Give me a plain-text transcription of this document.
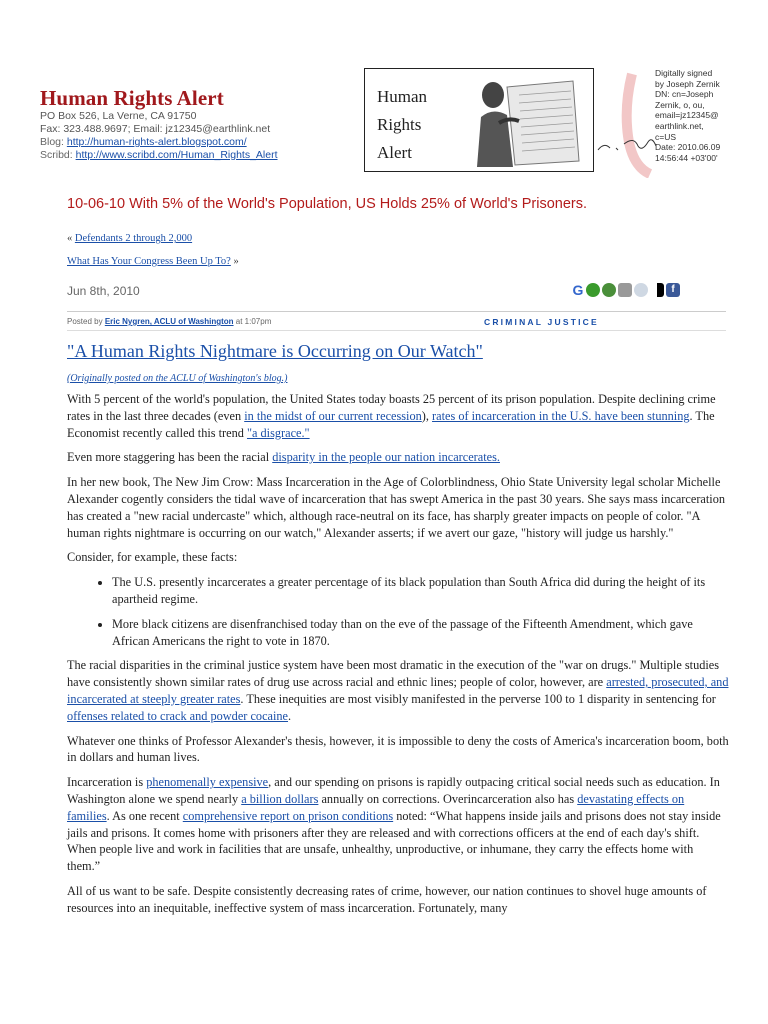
Human Rights Alert
PO Box 526, La Verne, CA 91750
Fax: 323.488.9697; Email: jz12345@earthlink.net
Blog: http://human-rights-alert.blogspot.com/
Scribd: http://www.scribd.com/Human_Rights_Alert
Human
Rights
Alert
Digitally signed
by Joseph Zernik
DN: cn=Joseph
Zernik, o, ou,
email=jz12345@
earthlink.net,
c=US
Date: 2010.06.09
14:56:44 +03'00'
10-06-10 With 5% of the World's Population, US Holds 25% of World's Prisoners.
« Defendants 2 through 2,000
What Has Your Congress Been Up To? »
Jun 8th, 2010	G	f
Posted by Eric Nygren, ACLU of Washington at 1:07pm	CRIMINAL JUSTICE
"A Human Rights Nightmare is Occurring on Our Watch"
(Originally posted on the ACLU of Washington's blog.)

With 5 percent of the world's population, the United States today boasts 25 percent of its prison population. Despite declining crime rates in the last three decades (even in the midst of our current recession), rates of incarceration in the U.S. have been stunning. The Economist recently called this trend "a disgrace."

Even more staggering has been the racial disparity in the people our nation incarcerates.

In her new book, The New Jim Crow: Mass Incarceration in the Age of Colorblindness, Ohio State University legal scholar Michelle Alexander cogently considers the tidal wave of incarceration that has swept America in the past 30 years. She says mass incarceration has created a "new racial undercaste" which, although race-neutral on its face, has sharply greater impacts on people of color. "A human rights nightmare is occurring on our watch," Alexander asserts; if we avert our gaze, "history will judge us harshly."

Consider, for example, these facts:

• The U.S. presently incarcerates a greater percentage of its black population than South Africa did during the height of its apartheid regime.
• More black citizens are disenfranchised today than on the eve of the passage of the Fifteenth Amendment, which gave African Americans the right to vote in 1870.

The racial disparities in the criminal justice system have been most dramatic in the execution of the "war on drugs." Multiple studies have consistently shown similar rates of drug use across racial and ethnic lines; people of color, however, are arrested, prosecuted, and incarcerated at steeply greater rates. These inequities are most visibly manifested in the perverse 100 to 1 disparity in sentencing for offenses related to crack and powder cocaine.

Whatever one thinks of Professor Alexander's thesis, however, it is impossible to deny the costs of America's incarceration boom, both in dollars and human lives.

Incarceration is phenomenally expensive, and our spending on prisons is rapidly outpacing critical social needs such as education. In Washington alone we spend nearly a billion dollars annually on corrections. Overincarceration also has devastating effects on families. As one recent comprehensive report on prison conditions noted: “What happens inside jails and prisons does not stay inside jails and prisons. It comes home with prisoners after they are released and with corrections officers at the end of each day's shift. When people live and work in facilities that are unsafe, unhealthy, unproductive, or inhumane, they carry the effects home with them.”

All of us want to be safe. Despite consistently decreasing rates of crime, however, our nation continues to shovel huge amounts of resources into an inequitable, ineffective system of mass incarceration. Fortunately, many
